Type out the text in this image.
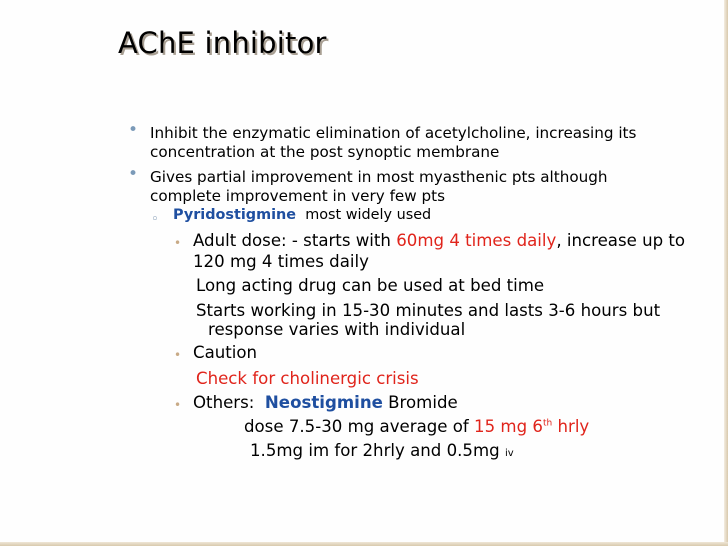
AChE inhibitor
• Inhibit the enzymatic elimination of acetylcholine, increasing its
concentration at the post synoptic membrane
• Gives partial improvement in most myasthenic pts although
complete improvement in very few pts
◦ Pyridostigmine most widely used
• Adult dose: - starts with 60mg 4 times daily, increase up to
120 mg 4 times daily
Long acting drug can be used at bed time
Starts working in 15-30 minutes and lasts 3-6 hours but
response varies with individual
• Caution
Check for cholinergic crisis
• Others: Neostigmine Bromide
dose 7.5-30 mg average of 15 mg 6th hrly
1.5mg im for 2hrly and 0.5mg iv
